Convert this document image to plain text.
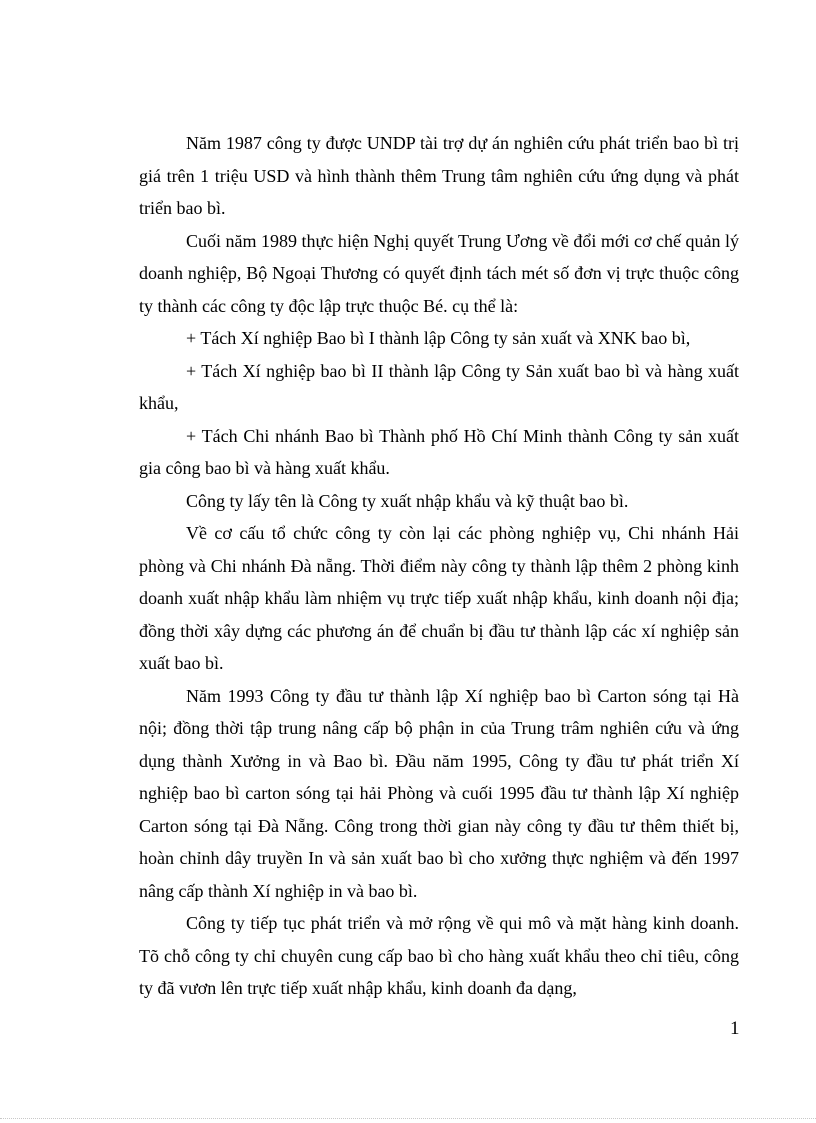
Năm 1987 công ty được UNDP tài trợ dự án nghiên cứu phát triển bao bì trị giá trên 1 triệu USD và hình thành thêm Trung tâm nghiên cứu ứng dụng và phát triển bao bì.

Cuối năm 1989 thực hiện Nghị quyết Trung Ương về đổi mới cơ chế quản lý doanh nghiệp, Bộ Ngoại Thương có quyết định tách mét số đơn vị trực thuộc công ty thành các công ty độc lập trực thuộc Bé. cụ thể là:

+ Tách Xí nghiệp Bao bì I thành lập Công ty sản xuất và XNK bao bì,

+ Tách Xí nghiệp bao bì II thành lập Công ty Sản xuất bao bì và hàng xuất khẩu,

+ Tách Chi nhánh Bao bì Thành phố Hồ Chí Minh thành Công ty sản xuất gia công bao bì và hàng xuất khẩu.

Công ty lấy tên là Công ty xuất nhập khẩu và kỹ thuật bao bì.

Về cơ cấu tổ chức công ty còn lại các phòng nghiệp vụ, Chi nhánh Hải phòng và Chi nhánh Đà nẵng. Thời điểm này công ty thành lập thêm 2 phòng kinh doanh xuất nhập khẩu làm nhiệm vụ trực tiếp xuất nhập khẩu, kinh doanh nội địa; đồng thời xây dựng các phương án để chuẩn bị đầu tư thành lập các xí nghiệp sản xuất bao bì.

Năm 1993 Công ty đầu tư thành lập Xí nghiệp bao bì Carton sóng tại Hà nội; đồng thời tập trung nâng cấp bộ phận in của Trung trâm nghiên cứu và ứng dụng thành Xưởng in và Bao bì. Đầu năm 1995, Công ty đầu tư phát triển Xí nghiệp bao bì carton sóng tại hải Phòng và cuối 1995 đầu tư thành lập Xí nghiệp Carton sóng tại Đà Nẵng. Công trong thời gian này công ty đầu tư thêm thiết bị, hoàn chỉnh dây truyền In và sản xuất bao bì cho xưởng thực nghiệm và đến 1997 nâng cấp thành Xí nghiệp in và bao bì.

Công ty tiếp tục phát triển và mở rộng về qui mô và mặt hàng kinh doanh. Tõ chỗ công ty chỉ chuyên cung cấp bao bì cho hàng xuất khẩu theo chỉ tiêu, công ty đã vươn lên trực tiếp xuất nhập khẩu, kinh doanh đa dạng,

1
